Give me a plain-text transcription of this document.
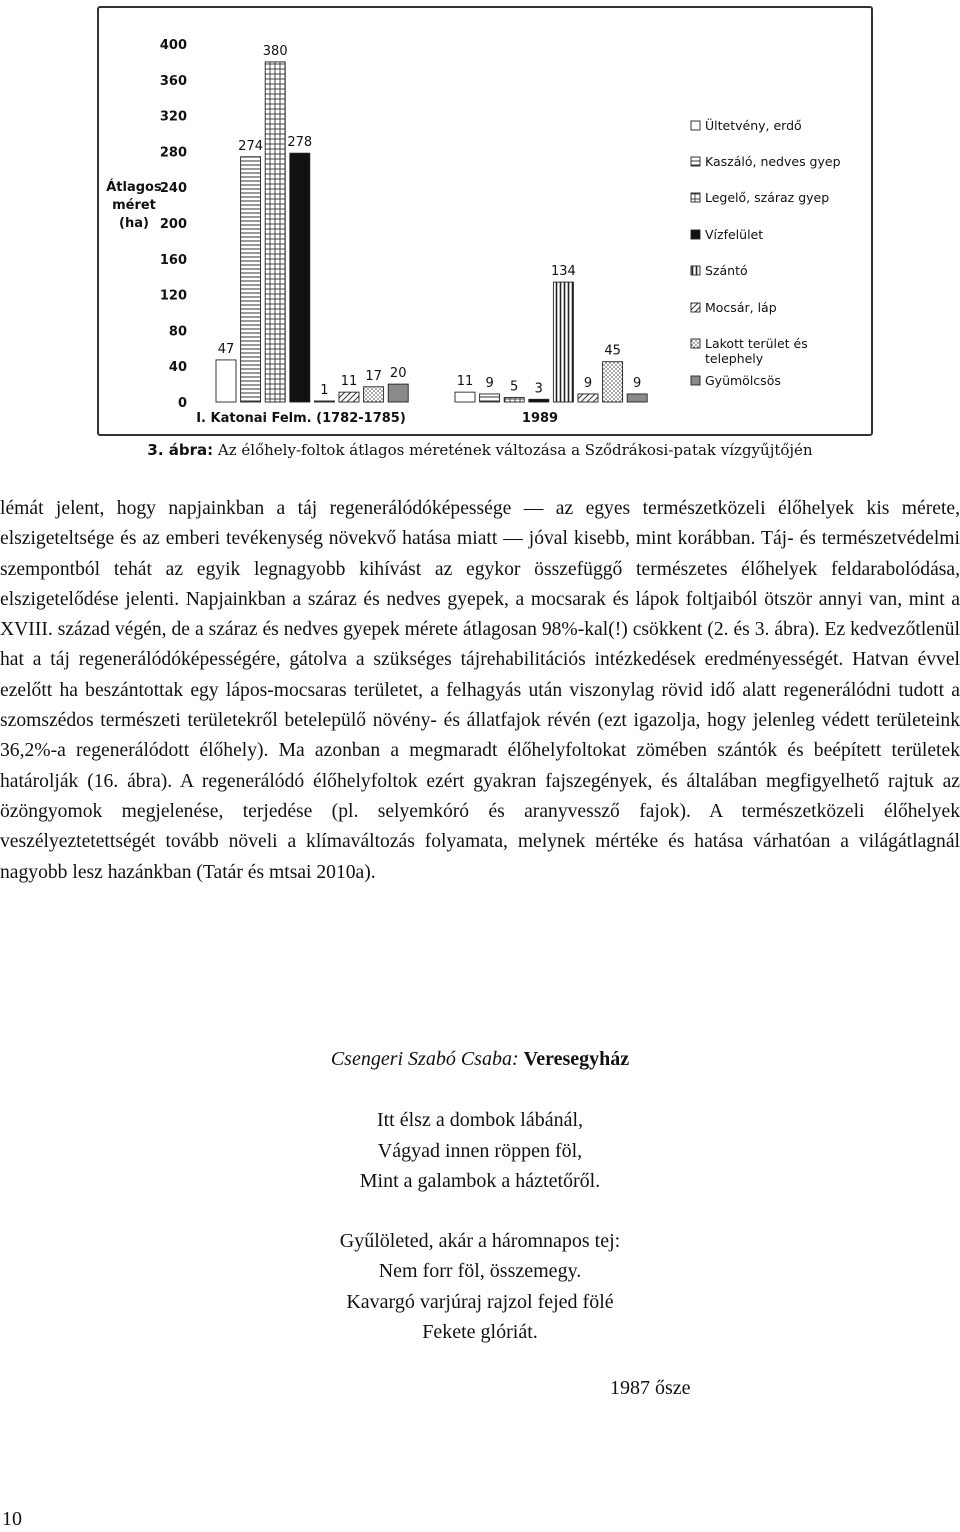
Átlagos
méret
(ha)
0
40
80
120
160
200
240
280
320
360
400
47
274
380
278
1
11 17 20
11 9 5 3
134
9
45
9
I. Katonai Felm. (1782-1785)	1989
Ültetvény, erdő
Kaszáló, nedves gyep
Legelő, száraz gyep
Vízfelület
Szántó
Mocsár, láp
Lakott terület és
telephely
Gyümölcsös

3. ábra: Az élőhely-foltok átlagos méretének változása a Sződrákosi-patak vízgyűjtőjén

lémát jelent, hogy napjainkban a táj regenerálódóképessége — az egyes természetközeli élőhelyek kis mérete, elszigeteltsége és az emberi tevékenység növekvő hatása miatt — jóval kisebb, mint korábban. Táj- és természetvédelmi szempontból tehát az egyik legnagyobb kihívást az egykor összefüggő természetes élőhelyek feldarabolódása, elszigetelődése jelenti. Napjainkban a száraz és nedves gyepek, a mocsarak és lápok foltjaiból ötször annyi van, mint a XVIII. század végén, de a száraz és nedves gyepek mérete átlagosan 98%-kal(!) csökkent (2. és 3. ábra). Ez kedvezőtlenül hat a táj regenerálódóképességére, gátolva a szükséges tájrehabilitációs intézkedések eredményességét. Hatvan évvel ezelőtt ha beszántottak egy lápos-mocsaras területet, a felhagyás után viszonylag rövid idő alatt regenerálódni tudott a szomszédos természeti területekről betelepülő növény- és állatfajok révén (ezt igazolja, hogy jelenleg védett területeink 36,2%-a regenerálódott élőhely). Ma azonban a megmaradt élőhelyfoltokat zömében szántók és beépített területek határolják (16. ábra). A regenerálódó élőhelyfoltok ezért gyakran fajszegények, és általában megfigyelhető rajtuk az özöngyomok megjelenése, terjedése (pl. selyemkóró és aranyvessző fajok). A természetközeli élőhelyek veszélyeztetettségét tovább növeli a klímaváltozás folyamata, melynek mértéke és hatása várhatóan a világátlagnál nagyobb lesz hazánkban (Tatár és mtsai 2010a).

Csengeri Szabó Csaba: Veresegyház

Itt élsz a dombok lábánál,
Vágyad innen röppen föl,
Mint a galambok a háztetőről.

Gyűlöleted, akár a háromnapos tej:
Nem forr föl, összemegy.
Kavargó varjúraj rajzol fejed fölé
Fekete glóriát.

1987 ősze

10
